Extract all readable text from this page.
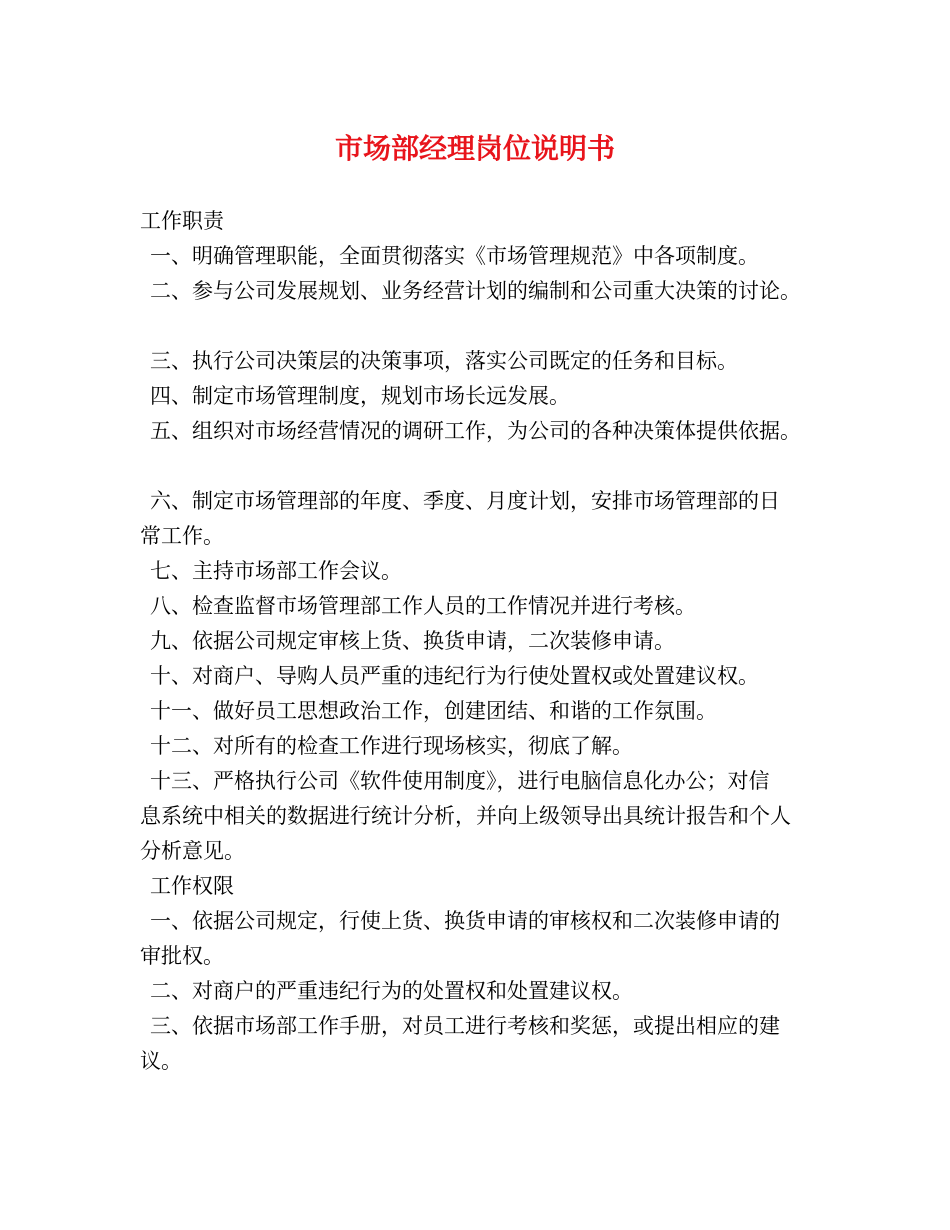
市场部经理岗位说明书
工作职责
一、明确管理职能，全面贯彻落实《市场管理规范》中各项制度。
二、参与公司发展规划、业务经营计划的编制和公司重大决策的讨论。
三、执行公司决策层的决策事项，落实公司既定的任务和目标。
四、制定市场管理制度，规划市场长远发展。
五、组织对市场经营情况的调研工作，为公司的各种决策体提供依据。
六、制定市场管理部的年度、季度、月度计划，安排市场管理部的日
常工作。
七、主持市场部工作会议。
八、检查监督市场管理部工作人员的工作情况并进行考核。
九、依据公司规定审核上货、换货申请，二次装修申请。
十、对商户、导购人员严重的违纪行为行使处置权或处置建议权。
十一、做好员工思想政治工作，创建团结、和谐的工作氛围。
十二、对所有的检查工作进行现场核实，彻底了解。
十三、严格执行公司《软件使用制度》，进行电脑信息化办公；对信
息系统中相关的数据进行统计分析，并向上级领导出具统计报告和个人
分析意见。
工作权限
一、依据公司规定，行使上货、换货申请的审核权和二次装修申请的
审批权。
二、对商户的严重违纪行为的处置权和处置建议权。
三、依据市场部工作手册，对员工进行考核和奖惩，或提出相应的建
议。
